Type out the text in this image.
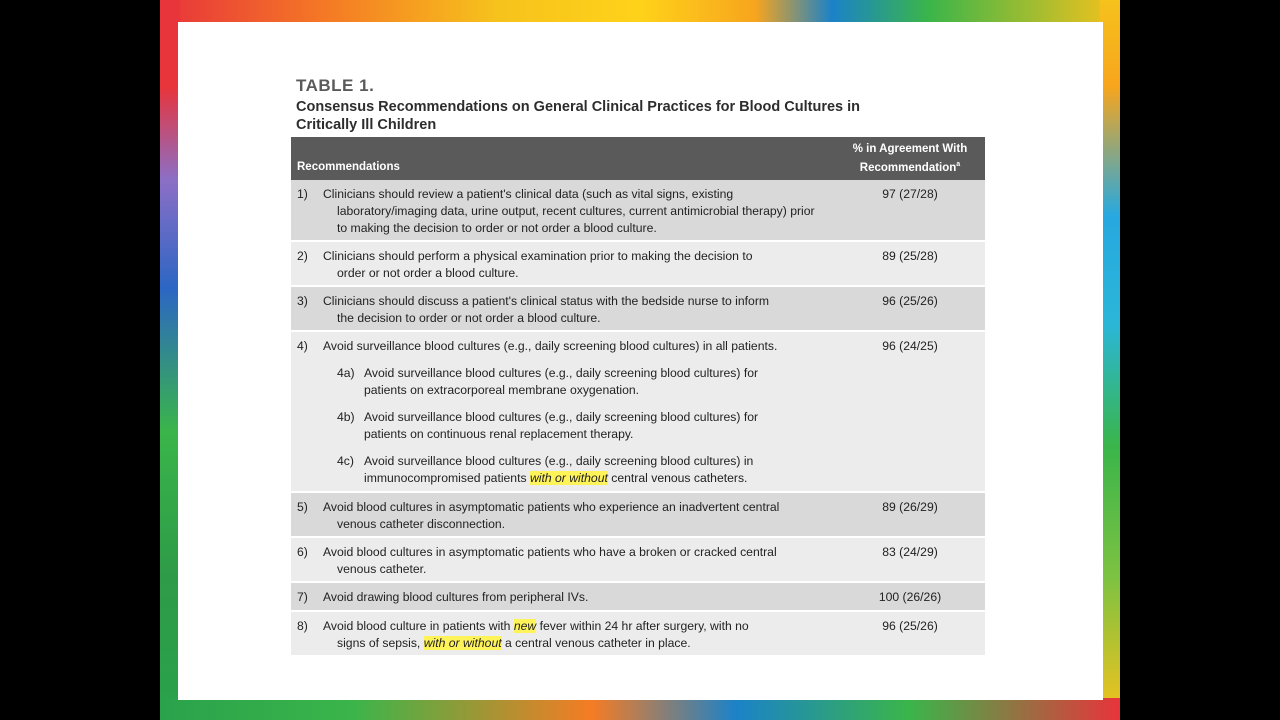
TABLE 1.
Consensus Recommendations on General Clinical Practices for Blood Cultures in
Critically Ill Children
Recommendations
% in Agreement With
Recommendation$^a$
1)	Clinicians should review a patient's clinical data (such as vital signs, existing
laboratory/imaging data, urine output, recent cultures, current antimicrobial therapy) prior to making the decision to order or not order a blood culture.
97 (27/28)
2)	Clinicians should perform a physical examination prior to making the decision to
order or not order a blood culture.
89 (25/28)
3)	Clinicians should discuss a patient's clinical status with the bedside nurse to inform
the decision to order or not order a blood culture.
96 (25/26)
4)	Avoid surveillance blood cultures (e.g., daily screening blood cultures) in all patients.
4a) Avoid surveillance blood cultures (e.g., daily screening blood cultures) for
patients on extracorporeal membrane oxygenation.
4b) Avoid surveillance blood cultures (e.g., daily screening blood cultures) for
patients on continuous renal replacement therapy.
4c) Avoid surveillance blood cultures (e.g., daily screening blood cultures) in
immunocompromised patients with or without central venous catheters.
96 (24/25)
5)	Avoid blood cultures in asymptomatic patients who experience an inadvertent central
venous catheter disconnection.
89 (26/29)
6)	Avoid blood cultures in asymptomatic patients who have a broken or cracked central
venous catheter.
83 (24/29)
7)	Avoid drawing blood cultures from peripheral IVs.	100 (26/26)
8)	Avoid blood culture in patients with new fever within 24 hr after surgery, with no
signs of sepsis, with or without a central venous catheter in place.
96 (25/26)
